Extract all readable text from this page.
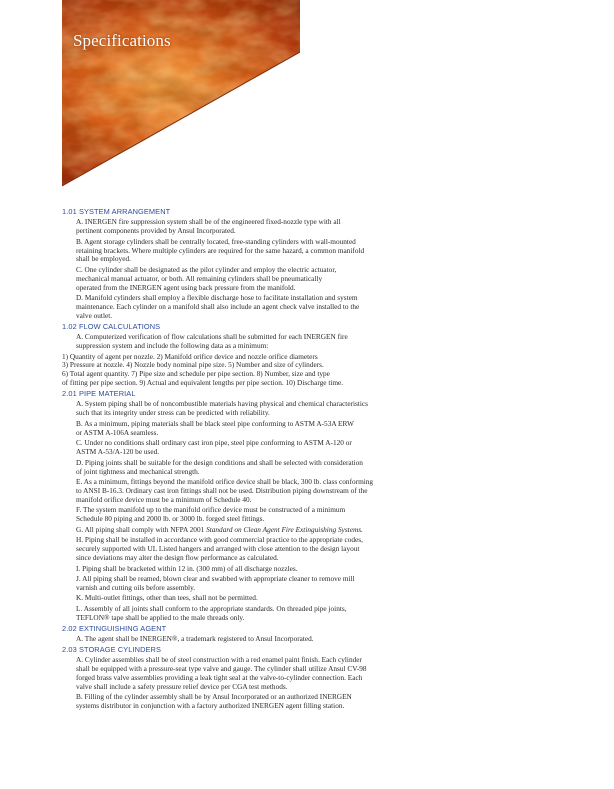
Specifications
1.01 SYSTEM ARRANGEMENT
A. INERGEN fire suppression system shall be of the engineered fixed-nozzle type with all
pertinent components provided by Ansul Incorporated.
B. Agent storage cylinders shall be centrally located, free-standing cylinders with wall-mounted
retaining brackets. Where multiple cylinders are required for the same hazard, a common manifold
shall be employed.
C. One cylinder shall be designated as the pilot cylinder and employ the electric actuator,
mechanical manual actuator, or both. All remaining cylinders shall be pneumatically
operated from the INERGEN agent using back pressure from the manifold.
D. Manifold cylinders shall employ a flexible discharge hose to facilitate installation and system
maintenance. Each cylinder on a manifold shall also include an agent check valve installed to the
valve outlet.
1.02 FLOW CALCULATIONS
A. Computerized verification of flow calculations shall be submitted for each INERGEN fire
suppression system and include the following data as a minimum:
1) Quantity of agent per nozzle. 2) Manifold orifice device and nozzle orifice diameters
3) Pressure at nozzle. 4) Nozzle body nominal pipe size. 5) Number and size of cylinders.
6) Total agent quantity. 7) Pipe size and schedule per pipe section. 8) Number, size and type
of fitting per pipe section. 9) Actual and equivalent lengths per pipe section. 10) Discharge time.
2.01 PIPE MATERIAL
A. System piping shall be of noncombustible materials having physical and chemical characteristics
such that its integrity under stress can be predicted with reliability.
B. As a minimum, piping materials shall be black steel pipe conforming to ASTM A-53A ERW
or ASTM A-106A seamless.
C. Under no conditions shall ordinary cast iron pipe, steel pipe conforming to ASTM A-120 or
ASTM A-53/A-120 be used.
D. Piping joints shall be suitable for the design conditions and shall be selected with consideration
of joint tightness and mechanical strength.
E. As a minimum, fittings beyond the manifold orifice device shall be black, 300 lb. class conforming
to ANSI B-16.3. Ordinary cast iron fittings shall not be used. Distribution piping downstream of the
manifold orifice device must be a minimum of Schedule 40.
F. The system manifold up to the manifold orifice device must be constructed of a minimum
Schedule 80 piping and 2000 lb. or 3000 lb. forged steel fittings.
G. All piping shall comply with NFPA 2001 Standard on Clean Agent Fire Extinguishing Systems.
H. Piping shall be installed in accordance with good commercial practice to the appropriate codes,
securely supported with UL Listed hangers and arranged with close attention to the design layout
since deviations may alter the design flow performance as calculated.
I. Piping shall be bracketed within 12 in. (300 mm) of all discharge nozzles.
J. All piping shall be reamed, blown clear and swabbed with appropriate cleaner to remove mill
varnish and cutting oils before assembly.
K. Multi-outlet fittings, other than tees, shall not be permitted.
L. Assembly of all joints shall conform to the appropriate standards. On threaded pipe joints,
TEFLON® tape shall be applied to the male threads only.
2.02 EXTINGUISHING AGENT
A. The agent shall be INERGEN®, a trademark registered to Ansul Incorporated.
2.03 STORAGE CYLINDERS
A. Cylinder assemblies shall be of steel construction with a red enamel paint finish. Each cylinder
shall be equipped with a pressure-seat type valve and gauge. The cylinder shall utilize Ansul CV-98
forged brass valve assemblies providing a leak tight seal at the valve-to-cylinder connection. Each
valve shall include a safety pressure relief device per CGA test methods.
B. Filling of the cylinder assembly shall be by Ansul Incorporated or an authorized INERGEN
systems distributor in conjunction with a factory authorized INERGEN agent filling station.
